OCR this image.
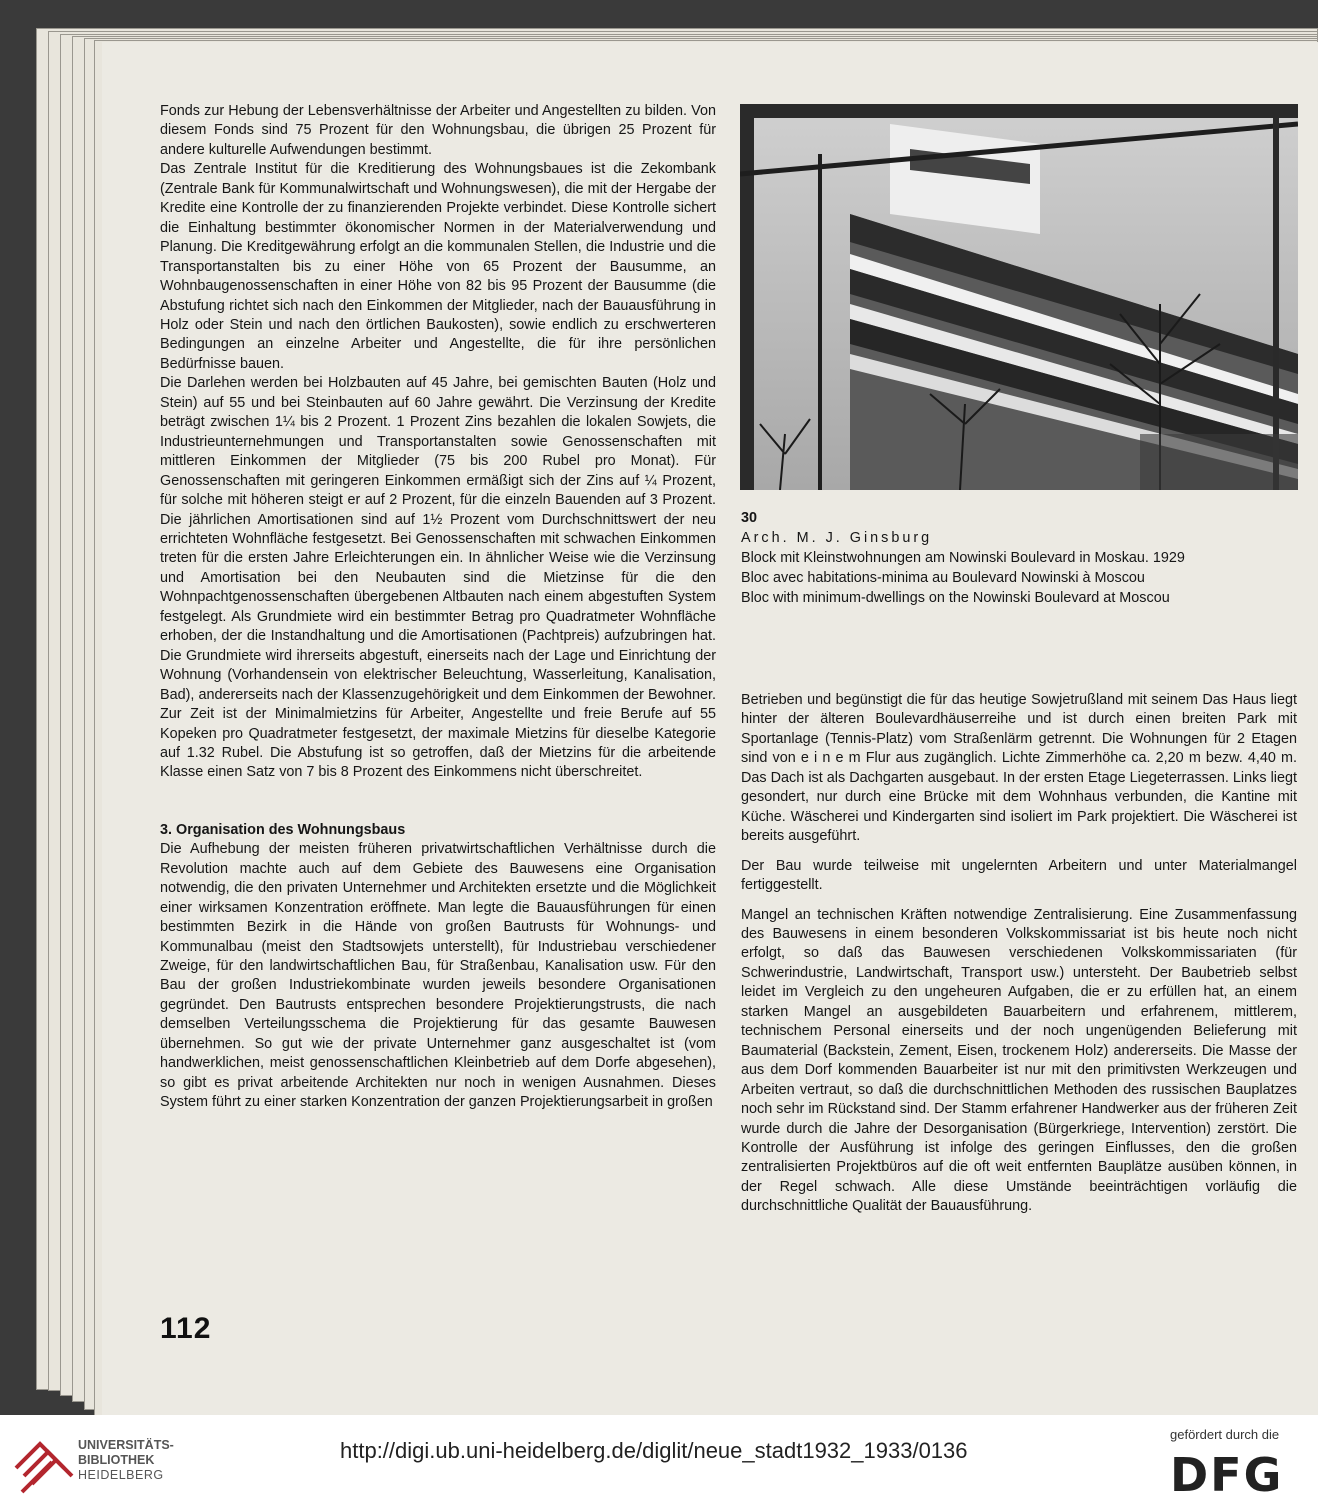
Fonds zur Hebung der Lebensverhältnisse der Arbeiter und Angestellten zu bilden. Von diesem Fonds sind 75 Prozent für den Wohnungsbau, die übrigen 25 Prozent für andere kulturelle Aufwendungen bestimmt.

Das Zentrale Institut für die Kreditierung des Wohnungsbaues ist die Zekombank (Zentrale Bank für Kommunalwirtschaft und Wohnungswesen), die mit der Hergabe der Kredite eine Kontrolle der zu finanzierenden Projekte verbindet. Diese Kontrolle sichert die Einhaltung bestimmter ökonomischer Normen in der Materialverwendung und Planung. Die Kreditgewährung erfolgt an die kommunalen Stellen, die Industrie und die Transportanstalten bis zu einer Höhe von 65 Prozent der Bausumme, an Wohnbaugenossenschaften in einer Höhe von 82 bis 95 Prozent der Bausumme (die Abstufung richtet sich nach den Einkommen der Mitglieder, nach der Bauausführung in Holz oder Stein und nach den örtlichen Baukosten), sowie endlich zu erschwerteren Bedingungen an einzelne Arbeiter und Angestellte, die für ihre persönlichen Bedürfnisse bauen.

Die Darlehen werden bei Holzbauten auf 45 Jahre, bei gemischten Bauten (Holz und Stein) auf 55 und bei Steinbauten auf 60 Jahre gewährt. Die Verzinsung der Kredite beträgt zwischen 1¼ bis 2 Prozent. 1 Prozent Zins bezahlen die lokalen Sowjets, die Industrieunternehmungen und Transportanstalten sowie Genossenschaften mit mittleren Einkommen der Mitglieder (75 bis 200 Rubel pro Monat). Für Genossenschaften mit geringeren Einkommen ermäßigt sich der Zins auf ¼ Prozent, für solche mit höheren steigt er auf 2 Prozent, für die einzeln Bauenden auf 3 Prozent. Die jährlichen Amortisationen sind auf 1½ Prozent vom Durchschnittswert der neu errichteten Wohnfläche festgesetzt. Bei Genossenschaften mit schwachen Einkommen treten für die ersten Jahre Erleichterungen ein. In ähnlicher Weise wie die Verzinsung und Amortisation bei den Neubauten sind die Mietzinse für die den Wohnpachtgenossenschaften übergebenen Altbauten nach einem abgestuften System festgelegt. Als Grundmiete wird ein bestimmter Betrag pro Quadratmeter Wohnfläche erhoben, der die Instandhaltung und die Amortisationen (Pachtpreis) aufzubringen hat. Die Grundmiete wird ihrerseits abgestuft, einerseits nach der Lage und Einrichtung der Wohnung (Vorhandensein von elektrischer Beleuchtung, Wasserleitung, Kanalisation, Bad), andererseits nach der Klassenzugehörigkeit und dem Einkommen der Bewohner. Zur Zeit ist der Minimalmietzins für Arbeiter, Angestellte und freie Berufe auf 55 Kopeken pro Quadratmeter festgesetzt, der maximale Mietzins für dieselbe Kategorie auf 1.32 Rubel. Die Abstufung ist so getroffen, daß der Mietzins für die arbeitende Klasse einen Satz von 7 bis 8 Prozent des Einkommens nicht überschreitet.

3. Organisation des Wohnungsbaus

Die Aufhebung der meisten früheren privatwirtschaftlichen Verhältnisse durch die Revolution machte auch auf dem Gebiete des Bauwesens eine Organisation notwendig, die den privaten Unternehmer und Architekten ersetzte und die Möglichkeit einer wirksamen Konzentration eröffnete. Man legte die Bauausführungen für einen bestimmten Bezirk in die Hände von großen Bautrusts für Wohnungs- und Kommunalbau (meist den Stadtsowjets unterstellt), für Industriebau verschiedener Zweige, für den landwirtschaftlichen Bau, für Straßenbau, Kanalisation usw. Für den Bau der großen Industriekombinate wurden jeweils besondere Organisationen gegründet. Den Bautrusts entsprechen besondere Projektierungstrusts, die nach demselben Verteilungsschema die Projektierung für das gesamte Bauwesen übernehmen. So gut wie der private Unternehmer ganz ausgeschaltet ist (vom handwerklichen, meist genossenschaftlichen Kleinbetrieb auf dem Dorfe abgesehen), so gibt es privat arbeitende Architekten nur noch in wenigen Ausnahmen. Dieses System führt zu einer starken Konzentration der ganzen Projektierungsarbeit in großen

30
Arch. M. J. Ginsburg
Block mit Kleinstwohnungen am Nowinski Boulevard in Moskau. 1929
Bloc avec habitations-minima au Boulevard Nowinski à Moscou
Bloc with minimum-dwellings on the Nowinski Boulevard at Moscou

Betrieben und begünstigt die für das heutige Sowjetrußland mit seinem Das Haus liegt hinter der älteren Boulevardhäuserreihe und ist durch einen breiten Park mit Sportanlage (Tennis-Platz) vom Straßenlärm getrennt. Die Wohnungen für 2 Etagen sind von e i n e m Flur aus zugänglich. Lichte Zimmerhöhe ca. 2,20 m bezw. 4,40 m. Das Dach ist als Dachgarten ausgebaut. In der ersten Etage Liegeterrassen. Links liegt gesondert, nur durch eine Brücke mit dem Wohnhaus verbunden, die Kantine mit Küche. Wäscherei und Kindergarten sind isoliert im Park projektiert. Die Wäscherei ist bereits ausgeführt.

Der Bau wurde teilweise mit ungelernten Arbeitern und unter Materialmangel fertiggestellt.

Mangel an technischen Kräften notwendige Zentralisierung. Eine Zusammenfassung des Bauwesens in einem besonderen Volkskommissariat ist bis heute noch nicht erfolgt, so daß das Bauwesen verschiedenen Volkskommissariaten (für Schwerindustrie, Landwirtschaft, Transport usw.) untersteht. Der Baubetrieb selbst leidet im Vergleich zu den ungeheuren Aufgaben, die er zu erfüllen hat, an einem starken Mangel an ausgebildeten Bauarbeitern und erfahrenem, mittlerem, technischem Personal einerseits und der noch ungenügenden Belieferung mit Baumaterial (Backstein, Zement, Eisen, trockenem Holz) andererseits. Die Masse der aus dem Dorf kommenden Bauarbeiter ist nur mit den primitivsten Werkzeugen und Arbeiten vertraut, so daß die durchschnittlichen Methoden des russischen Bauplatzes noch sehr im Rückstand sind. Der Stamm erfahrener Handwerker aus der früheren Zeit wurde durch die Jahre der Desorganisation (Bürgerkriege, Intervention) zerstört. Die Kontrolle der Ausführung ist infolge des geringen Einflusses, den die großen zentralisierten Projektbüros auf die oft weit entfernten Bauplätze ausüben können, in der Regel schwach. Alle diese Umstände beeinträchtigen vorläufig die durchschnittliche Qualität der Bauausführung.

112
UNIVERSITÄTS-
BIBLIOTHEK
HEIDELBERG
http://digi.ub.uni-heidelberg.de/diglit/neue_stadt1932_1933/0136
gefördert durch die
DFG
